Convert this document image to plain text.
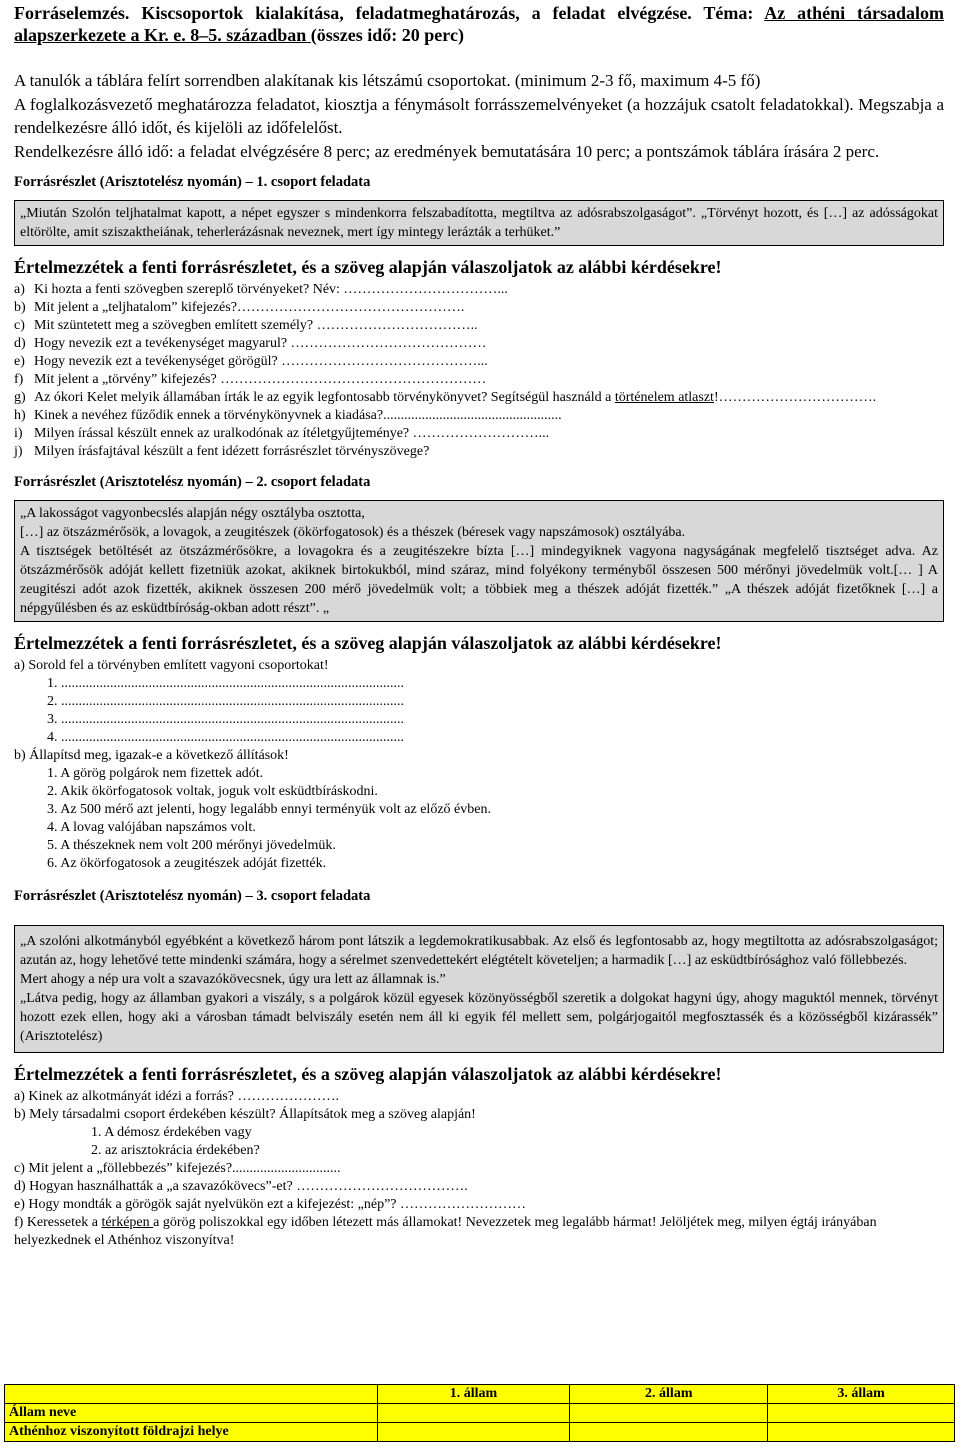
Forráselemzés. Kiscsoportok kialakítása, feladatmeghatározás, a feladat elvégzése. Téma: Az athéni társadalom alapszerkezete a Kr. e. 8–5. században (összes idő: 20 perc)

A tanulók a táblára felírt sorrendben alakítanak kis létszámú csoportokat. (minimum 2-3 fő, maximum 4-5 fő)

A foglalkozásvezető meghatározza feladatot, kiosztja a fénymásolt forrásszemelvényeket (a hozzájuk csatolt feladatokkal). Megszabja a rendelkezésre álló időt, és kijelöli az időfelelőst.

Rendelkezésre álló idő: a feladat elvégzésére 8 perc; az eredmények bemutatására 10 perc; a pontszámok táblára írására 2 perc.

Forrásrészlet (Arisztotelész nyomán) – 1. csoport feladata

„Miután Szolón teljhatalmat kapott, a népet egyszer s mindenkorra felszabadította, megtiltva az adósrabszolgaságot”. „Törvényt hozott, és […] az adósságokat eltörölte, amit sziszaktheiának, teherlerázásnak neveznek, mert így mintegy lerázták a terhüket.”

Értelmezzétek a fenti forrásrészletet, és a szöveg alapján válaszoljatok az alábbi kérdésekre!

a) Ki hozta a fenti szövegben szereplő törvényeket? Név: ……………………………...
b) Mit jelent a „teljhatalom” kifejezés?………………………………………….
c) Mit szüntetett meg a szövegben említett személy? ……………………………..
d) Hogy nevezik ezt a tevékenységet magyarul? ……………………………………
e) Hogy nevezik ezt a tevékenységet görögül? ……………………………………...
f) Mit jelent a „törvény” kifejezés? …………………………………………………
g) Az ókori Kelet melyik államában írták le az egyik legfontosabb törvénykönyvet? Segítségül használd a történelem atlaszt!…………………………….
h) Kinek a nevéhez fűződik ennek a törvénykönyvnek a kiadása?...................................................
i) Milyen írással készült ennek az uralkodónak az ítéletgyűjteménye? ………………………...
j) Milyen írásfajtával készült a fent idézett forrásrészlet törvényszövege?

Forrásrészlet (Arisztotelész nyomán) – 2. csoport feladata

„A lakosságot vagyonbecslés alapján négy osztályba osztotta,

[…] az ötszázmérősök, a lovagok, a zeugitészek (ökörfogatosok) és a thészek (béresek vagy napszámosok) osztályába.

A tisztségek betöltését az ötszázmérősökre, a lovagokra és a zeugitészekre bízta […] mindegyiknek vagyona nagyságának megfelelő tisztséget adva. Az ötszázmérősök adóját kellett fizetniük azokat, akiknek birtokukból, mind száraz, mind folyékony terményből összesen 500 mérőnyi jövedelmük volt.[… ] A zeugitészi adót azok fizették, akiknek összesen 200 mérő jövedelmük volt; a többiek meg a thészek adóját fizették.” „A thészek adóját fizetőknek […] a népgyűlésben és az esküdtbíróság-okban adott részt”. „

Értelmezzétek a fenti forrásrészletet, és a szöveg alapján válaszoljatok az alábbi kérdésekre!

a) Sorold fel a törvényben említett vagyoni csoportokat!
1. ..................................................................................................
2. ..................................................................................................
3. ..................................................................................................
4. ..................................................................................................
b) Állapítsd meg, igazak-e a következő állítások!
1. A görög polgárok nem fizettek adót.
2. Akik ökörfogatosok voltak, joguk volt esküdtbíráskodni.
3. Az 500 mérő azt jelenti, hogy legalább ennyi terményük volt az előző évben.
4. A lovag valójában napszámos volt.
5. A thészeknek nem volt 200 mérőnyi jövedelmük.
6. Az ökörfogatosok a zeugitészek adóját fizették.

Forrásrészlet (Arisztotelész nyomán) – 3. csoport feladata

„A szolóni alkotmányból egyébként a következő három pont látszik a legdemokratikusabbak. Az első és legfontosabb az, hogy megtiltotta az adósrabszolgaságot; azután az, hogy lehetővé tette mindenki számára, hogy a sérelmet szenvedettekért elégtételt követeljen; a harmadik […] az esküdtbírósághoz való föllebbezés.

Mert ahogy a nép ura volt a szavazókövecsnek, úgy ura lett az államnak is.”

„Látva pedig, hogy az államban gyakori a viszály, s a polgárok közül egyesek közönyösségből szeretik a dolgokat hagyni úgy, ahogy maguktól mennek, törvényt hozott ezek ellen, hogy aki a városban támadt belviszály esetén nem áll ki egyik fél mellett sem, polgárjogaitól megfosztassék és a közösségből kizárassék” (Arisztotelész)

Értelmezzétek a fenti forrásrészletet, és a szöveg alapján válaszoljatok az alábbi kérdésekre!

a) Kinek az alkotmányát idézi a forrás? ………………….
b) Mely társadalmi csoport érdekében készült? Állapítsátok meg a szöveg alapján!
1. A démosz érdekében vagy
2. az arisztokrácia érdekében?
c) Mit jelent a „föllebbezés” kifejezés?...............................
d) Hogyan használhatták a „a szavazókövecs”-et? ……………………………….
e) Hogy mondták a görögök saját nyelvükön ezt a kifejezést: „nép”? ………………………
f) Keressetek a térképen a görög poliszokkal egy időben létezett más államokat! Nevezzetek meg legalább hármat! Jelöljétek meg, milyen égtáj irányában helyezkednek el Athénhoz viszonyítva!
	1. állam	2. állam	3. állam
Állam neve			
Athénhoz viszonyított földrajzi helye			
